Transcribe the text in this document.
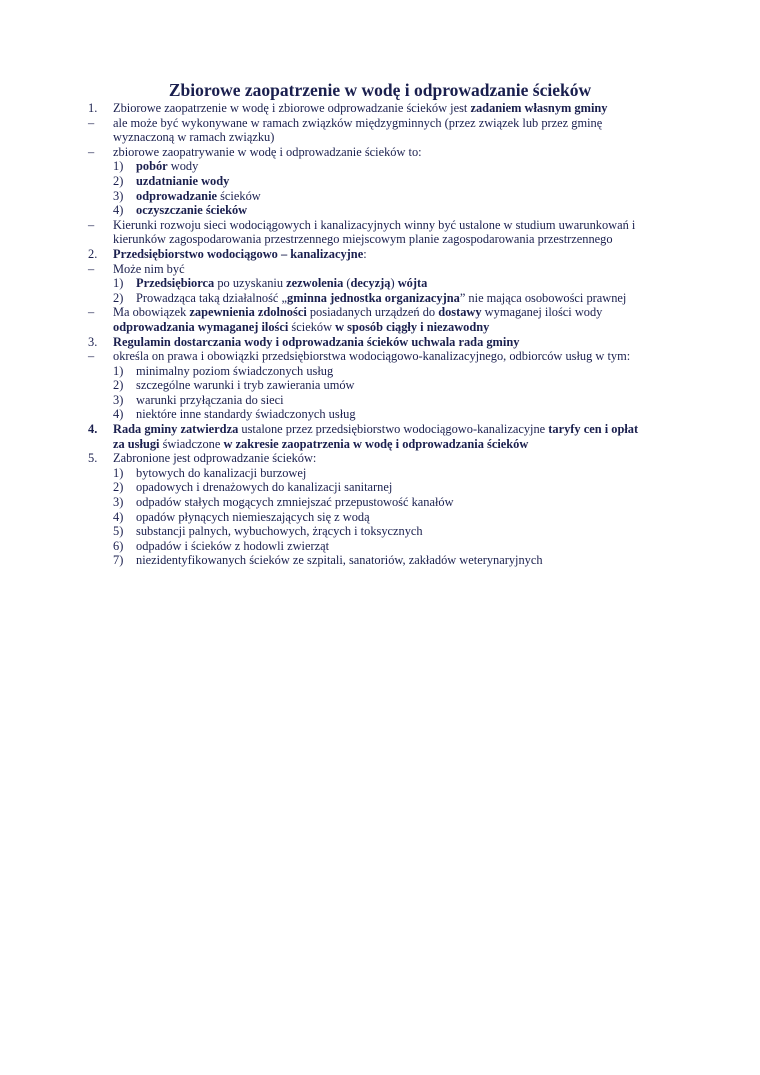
Zbiorowe zaopatrzenie w wodę i odprowadzanie ścieków
1. Zbiorowe zaopatrzenie w wodę i zbiorowe odprowadzanie ścieków jest zadaniem własnym gminy
– ale może być wykonywane w ramach związków międzygminnych (przez związek lub przez gminę
wyznaczoną w ramach związku)
– zbiorowe zaopatrywanie w wodę i odprowadzanie ścieków to:
1) pobór wody
2) uzdatnianie wody
3) odprowadzanie ścieków
4) oczyszczanie ścieków
– Kierunki rozwoju sieci wodociągowych i kanalizacyjnych winny być ustalone w studium uwarunkowań i
kierunków zagospodarowania przestrzennego miejscowym planie zagospodarowania przestrzennego
2. Przedsiębiorstwo wodociągowo – kanalizacyjne:
– Może nim być
1) Przedsiębiorca po uzyskaniu zezwolenia (decyzją) wójta
2) Prowadząca taką działalność „gminna jednostka organizacyjna” nie mająca osobowości prawnej
– Ma obowiązek zapewnienia zdolności posiadanych urządzeń do dostawy wymaganej ilości wody
odprowadzania wymaganej ilości ścieków w sposób ciągły i niezawodny
3. Regulamin dostarczania wody i odprowadzania ścieków uchwala rada gminy
– określa on prawa i obowiązki przedsiębiorstwa wodociągowo-kanalizacyjnego, odbiorców usług w tym:
1) minimalny poziom świadczonych usług
2) szczególne warunki i tryb zawierania umów
3) warunki przyłączania do sieci
4) niektóre inne standardy świadczonych usług
4. Rada gminy zatwierdza ustalone przez przedsiębiorstwo wodociągowo-kanalizacyjne taryfy cen i opłat
za usługi świadczone w zakresie zaopatrzenia w wodę i odprowadzania ścieków
5. Zabronione jest odprowadzanie ścieków:
1) bytowych do kanalizacji burzowej
2) opadowych i drenażowych do kanalizacji sanitarnej
3) odpadów stałych mogących zmniejszać przepustowość kanałów
4) opadów płynących niemieszających się z wodą
5) substancji palnych, wybuchowych, żrących i toksycznych
6) odpadów i ścieków z hodowli zwierząt
7) niezidentyfikowanych ścieków ze szpitali, sanatoriów, zakładów weterynaryjnych
